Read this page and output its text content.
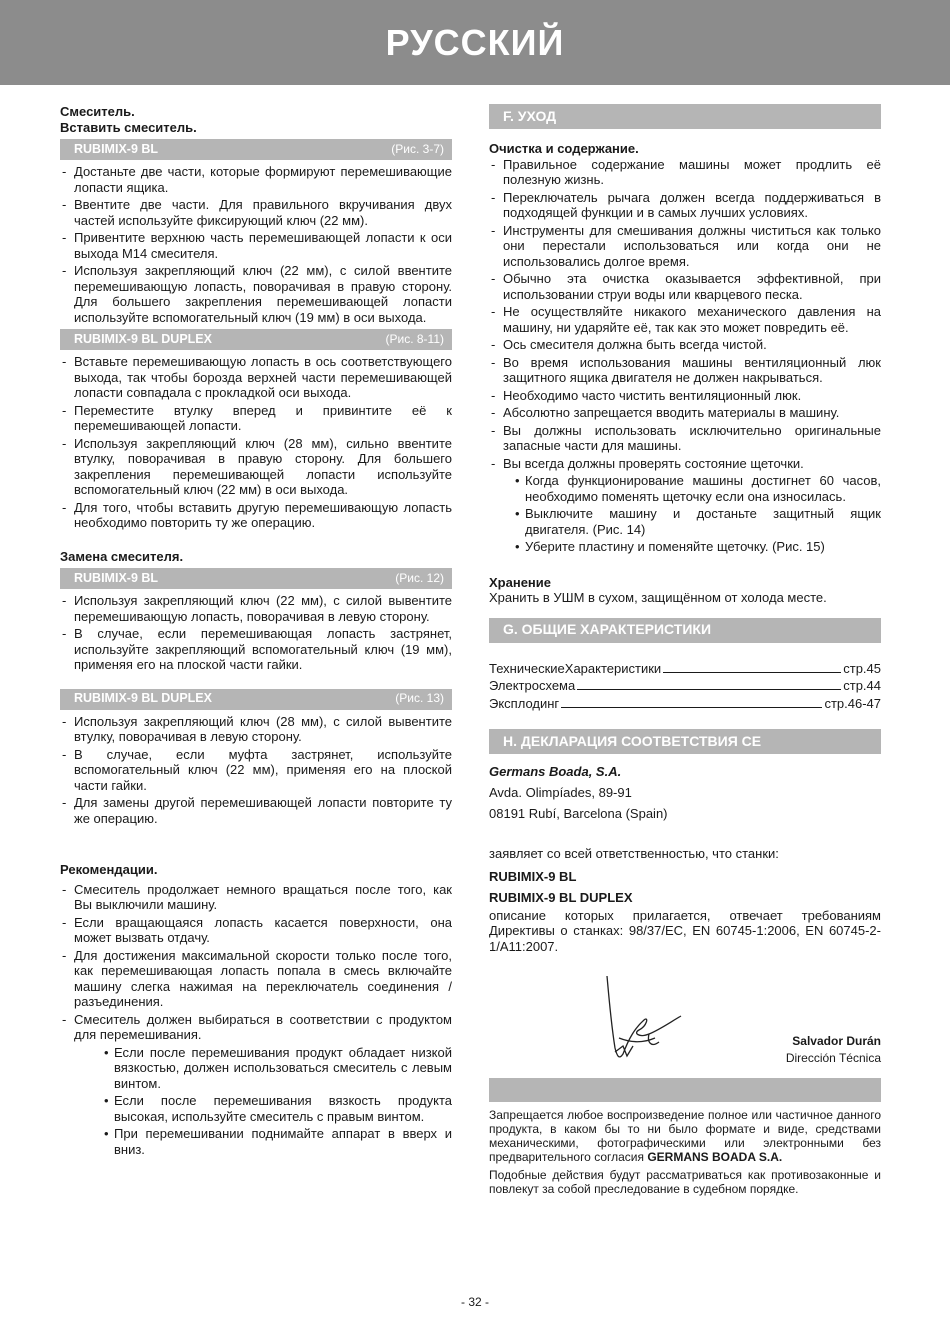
РУССКИЙ
Смеситель.
Вставить смеситель.
RUBIMIX-9 BL	(Рис. 3-7)
- Достаньте две части, которые формируют перемешивающие лопасти ящика.
- Ввентите две части. Для правильного вкручивания двух частей используйте фиксирующий ключ (22 мм).
- Привентите верхнюю часть перемешивающей лопасти к оси выхода М14 смесителя.
- Используя закрепляющий ключ (22 мм), с силой ввентите перемешивающую лопасть, поворачивая в правую сторону. Для большего закрепления перемешивающей лопасти используйте вспомогательный ключ (19 мм) в оси выхода.
RUBIMIX-9 BL DUPLEX	(Рис. 8-11)
- Вставьте перемешивающую лопасть в ось соответствующего выхода, так чтобы борозда верхней части перемешивающей лопасти совпадала с прокладкой оси выхода.
- Переместите втулку вперед и привинтите её к перемешивающей лопасти.
- Используя закрепляющий ключ (28 мм), сильно ввентите втулку, поворачивая в правую сторону. Для большего закрепления перемешивающей лопасти используйте вспомогательный ключ (22 мм) в оси выхода.
- Для того, чтобы вставить другую перемешивающую лопасть необходимо повторить ту же операцию.
Замена смесителя.
RUBIMIX-9 BL	(Рис. 12)
- Используя закрепляющий ключ (22 мм), с силой вывентите перемешивающую лопасть, поворачивая в левую сторону.
- В случае, если перемешивающая лопасть застрянет, используйте закрепляющий вспомогательный ключ (19 мм), применяя его на плоской части гайки.
RUBIMIX-9 BL DUPLEX	(Рис. 13)
- Используя закрепляющий ключ (28 мм), с силой вывентите втулку, поворачивая в левую сторону.
- В случае, если муфта застрянет, используйте вспомогательный ключ (22 мм), применяя его на плоской части гайки.
- Для замены другой перемешивающей лопасти повторите ту же операцию.
Рекомендации.
- Смеситель продолжает немного вращаться после того, как Вы выключили машину.
- Если вращающаяся лопасть касается поверхности, она может вызвать отдачу.
- Для достижения максимальной скорости только после того, как перемешивающая лопасть попала в смесь включайте машину слегка нажимая на переключатель соединения / разъединения.
- Смеситель должен выбираться в соответствии с продуктом для перемешивания.
• Если после перемешивания продукт обладает низкой вязкостью, должен использоваться смеситель с левым винтом.
• Если после перемешивания вязкость продукта высокая, используйте смеситель с правым винтом.
• При перемешивании поднимайте аппарат в вверх и вниз.
F. УХОД
Очистка и содержание.
- Правильное содержание машины может продлить её полезную жизнь.
- Переключатель рычага должен всегда поддерживаться в подходящей функции и в самых лучших условиях.
- Инструменты для смешивания должны чиститься как только они перестали использоваться или когда они не использовались долгое время.
- Обычно эта очистка оказывается эффективной, при использовании струи воды или кварцевого песка.
- Не осуществляйте никакого механического давления на машину, ни ударяйте её, так как это может повредить её.
- Ось смесителя должна быть всегда чистой.
- Во время использования машины вентиляционный люк защитного ящика двигателя не должен накрываться.
- Необходимо часто чистить вентиляционный люк.
- Абсолютно запрещается вводить материалы в машину.
- Вы должны использовать исключительно оригинальные запасные части для машины.
- Вы всегда должны проверять состояние щеточки.
• Когда функционирование машины достигнет 60 часов, необходимо поменять щеточку если она износилась.
• Выключите машину и достаньте защитный ящик двигателя. (Рис. 14)
• Уберите пластину и поменяйте щеточку. (Рис. 15)
Хранение
Хранить в УШМ в сухом, защищённом от холода месте.
G. ОБЩИЕ ХАРАКТЕРИСТИКИ
ТехническиеХарактеристики	стр.45
Электросхема	стр.44
Эксплодинг	стр.46-47
H. ДЕКЛАРАЦИЯ СООТВЕТСТВИЯ CE
Germans Boada, S.A.
Avda. Olimpíades, 89-91
08191 Rubí, Barcelona (Spain)
заявляет со всей ответственностью, что станки:
RUBIMIX-9 BL
RUBIMIX-9 BL DUPLEX
описание которых прилагается, отвечает требованиям Директивы о станках: 98/37/EC, EN 60745-1:2006, EN 60745-2-1/A11:2007.
Salvador Durán
Dirección Técnica
Запрещается любое воспроизведение полное или частичное данного продукта, в каком бы то ни было формате и виде, средствами механическими, фотографическими или электронными без предварительного согласия GERMANS BOADA S.A.
Подобные действия будут рассматриваться как противозаконные и повлекут за собой преследование в судебном порядке.
- 32 -
